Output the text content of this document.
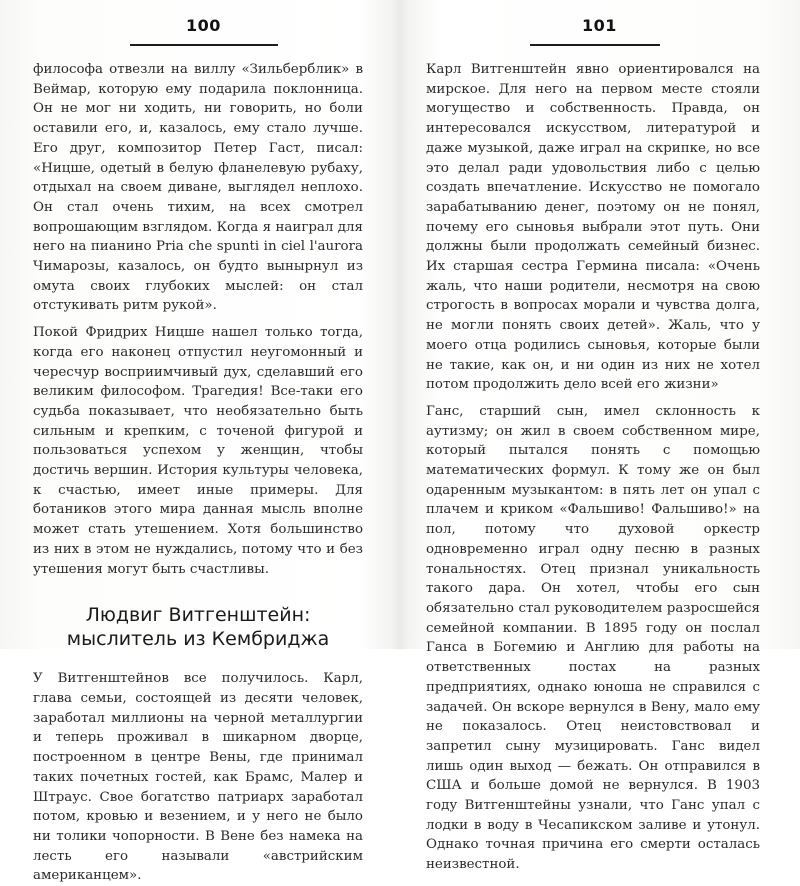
100

философа отвезли на виллу «Зильберблик» в Веймар, которую ему подарила поклонница. Он не мог ни ходить, ни говорить, но боли оставили его, и, казалось, ему стало лучше. Его друг, композитор Петер Гаст, писал: «Ницше, одетый в белую фланелевую рубаху, отдыхал на своем диване, выглядел неплохо. Он стал очень тихим, на всех смотрел вопрошающим взглядом. Когда я наиграл для него на пианино Pria che spunti in ciel l'aurora Чимарозы, казалось, он будто вынырнул из омута своих глубоких мыслей: он стал отстукивать ритм рукой».

Покой Фридрих Ницше нашел только тогда, когда его наконец отпустил неугомонный и чересчур восприимчивый дух, сделавший его великим философом. Трагедия! Все-таки его судьба показывает, что необязательно быть сильным и крепким, с точеной фигурой и пользоваться успехом у женщин, чтобы достичь вершин. История культуры человека, к счастью, имеет иные примеры. Для ботаников этого мира данная мысль вполне может стать утешением. Хотя большинство из них в этом не нуждались, потому что и без утешения могут быть счастливы.

Людвиг Витгенштейн: мыслитель из Кембриджа

У Витгенштейнов все получилось. Карл, глава семьи, состоящей из десяти человек, заработал миллионы на черной металлургии и теперь проживал в шикарном дворце, построенном в центре Вены, где принимал таких почетных гостей, как Брамс, Малер и Штраус. Свое богатство патриарх заработал потом, кровью и везением, и у него не было ни толики чопорности. В Вене без намека на лесть его называли «австрийским американцем».

101

Карл Витгенштейн явно ориентировался на мирское. Для него на первом месте стояли могущество и собственность. Правда, он интересовался искусством, литературой и даже музыкой, даже играл на скрипке, но все это делал ради удовольствия либо с целью создать впечатление. Искусство не помогало зарабатыванию денег, поэтому он не понял, почему его сыновья выбрали этот путь. Они должны были продолжать семейный бизнес. Их старшая сестра Гермина писала: «Очень жаль, что наши родители, несмотря на свою строгость в вопросах морали и чувства долга, не могли понять своих детей». Жаль, что у моего отца родились сыновья, которые были не такие, как он, и ни один из них не хотел потом продолжить дело всей его жизни»

Ганс, старший сын, имел склонность к аутизму; он жил в своем собственном мире, который пытался понять с помощью математических формул. К тому же он был одаренным музыкантом: в пять лет он упал с плачем и криком «Фальшиво! Фальшиво!» на пол, потому что духовой оркестр одновременно играл одну песню в разных тональностях. Отец признал уникальность такого дара. Он хотел, чтобы его сын обязательно стал руководителем разросшейся семейной компании. В 1895 году он послал Ганса в Богемию и Англию для работы на ответственных постах на разных предприятиях, однако юноша не справился с задачей. Он вскоре вернулся в Вену, мало ему не показалось. Отец неистовствовал и запретил сыну музицировать. Ганс видел лишь один выход — бежать. Он отправился в США и больше домой не вернулся. В 1903 году Витгенштейны узнали, что Ганс упал с лодки в воду в Чесапикском заливе и утонул. Однако точная причина его смерти осталась неизвестной.
